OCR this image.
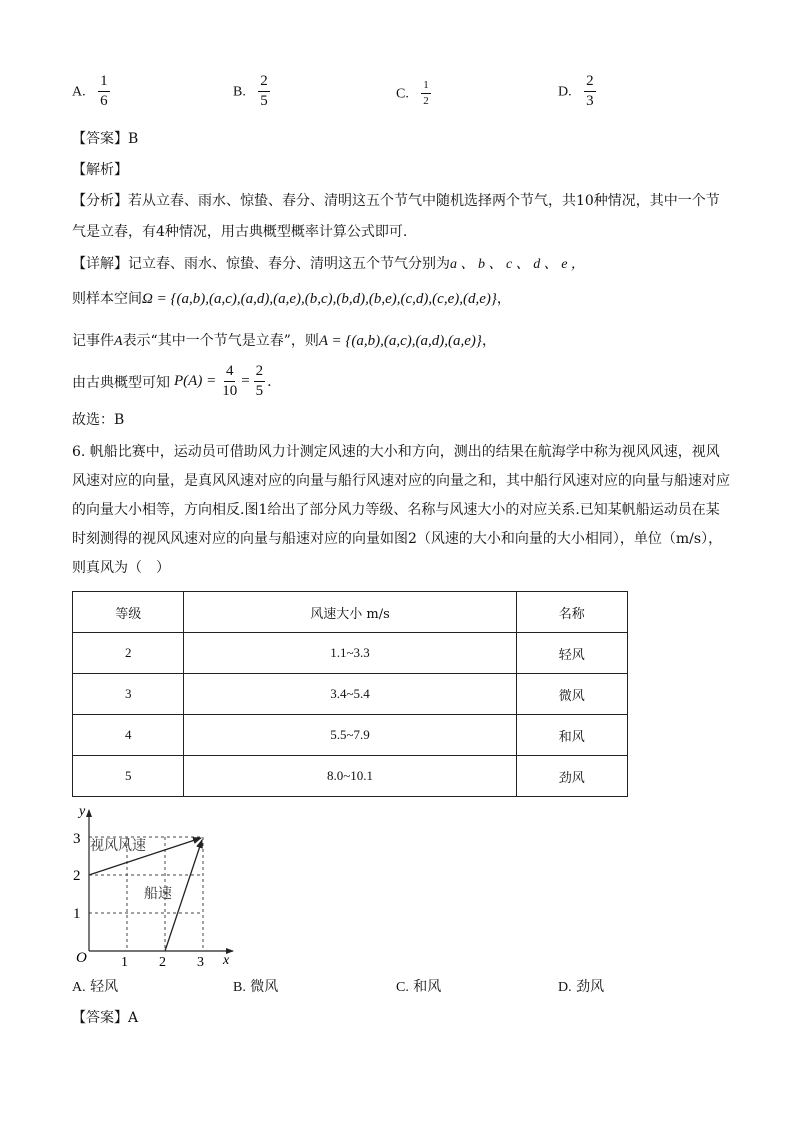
A. $\frac{1}{6}$	B. $\frac{2}{5}$	C. $\frac{1}{2}$	D. $\frac{2}{3}$
【答案】B
【解析】
【分析】若从立春、雨水、惊蛰、春分、清明这五个节气中随机选择两个节气，共10种情况，其中一个节
气是立春，有4种情况，用古典概型概率计算公式即可.
【详解】记立春、雨水、惊蛰、春分、清明这五个节气分别为a 、 b 、 c 、 d 、 e ，
则样本空间Ω = {(a,b),(a,c),(a,d),(a,e),(b,c),(b,d),(b,e),(c,d),(c,e),(d,e)}，
记事件A表示“其中一个节气是立春”，则A = {(a,b),(a,c),(a,d),(a,e)}，
由古典概型可知 $P(A) = \frac{4}{10} = \frac{2}{5}$ .
故选：B
6. 帆船比赛中，运动员可借助风力计测定风速的大小和方向，测出的结果在航海学中称为视风风速，视风风速对应的向量，是真风风速对应的向量与船行风速对应的向量之和，其中船行风速对应的向量与船速对应的向量大小相等，方向相反.图1给出了部分风力等级、名称与风速大小的对应关系.已知某帆船运动员在某时刻测得的视风风速对应的向量与船速对应的向量如图2（风速的大小和向量的大小相同），单位（m/s），则真风为（　）
等级	风速大小 m/s	名称
2	1.1~3.3	轻风
3	3.4~5.4	微风
4	5.5~7.9	和风
5	8.0~10.1	劲风
y
x
O
1
2
3
1 2 3
视风风速
船速
A. 轻风	B. 微风	C. 和风	D. 劲风
【答案】A
